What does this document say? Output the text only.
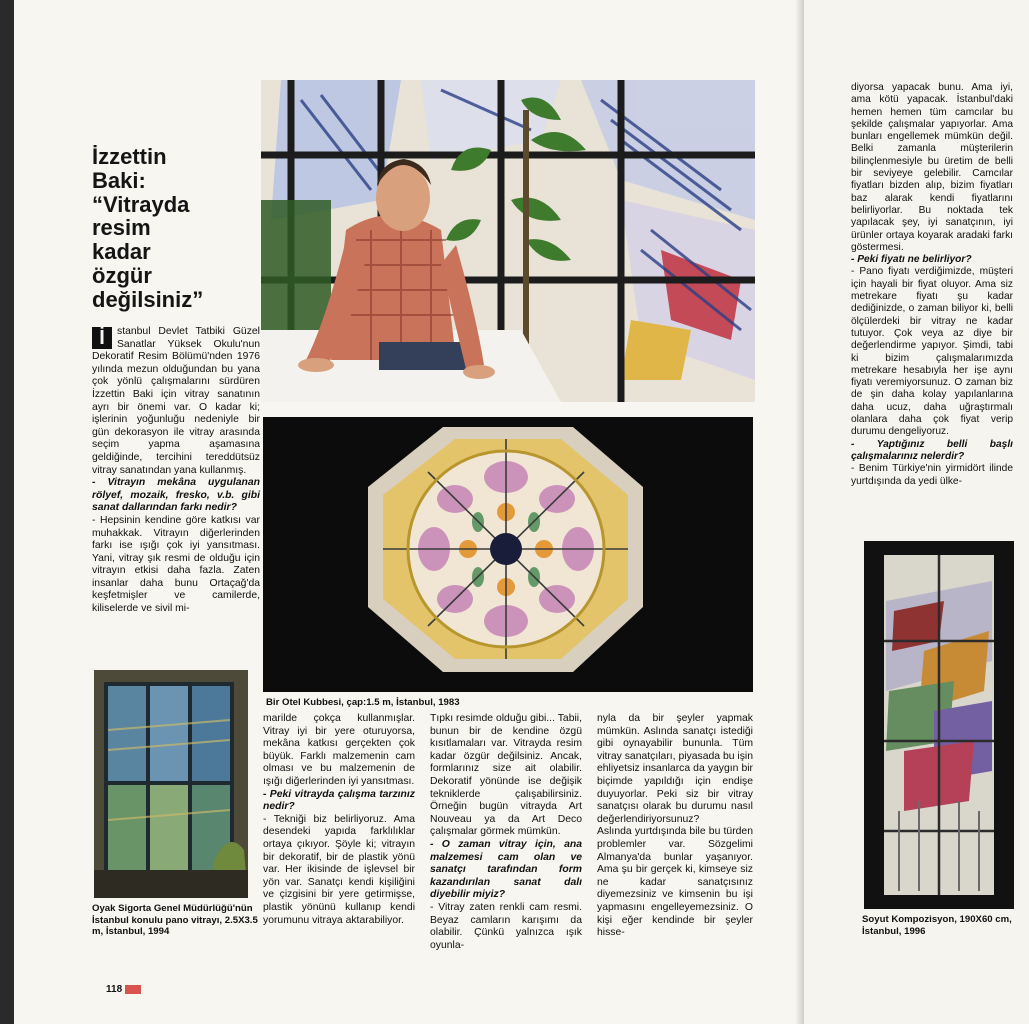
İzzettin
Baki:
“Vitrayda
resim
kadar
özgür
değilsiniz”

İ	stanbul Devlet Tatbiki Güzel Sanatlar Yüksek Okulu'nun Dekoratif Resim Bölümü'nden 1976 yılında mezun olduğundan bu yana çok yönlü çalışmalarını sürdüren İzzettin Baki için vitray sanatının ayrı bir önemi var. O kadar ki; işlerinin yoğunluğu nedeniyle bir gün dekorasyon ile vitray arasında seçim yapma aşamasına geldiğinde, tercihini tereddütsüz vitray sanatından yana kullanmış.

- Vitrayın mekâna uygulanan rölyef, mozaik, fresko, v.b. gibi sanat dallarından farkı nedir?

- Hepsinin kendine göre katkısı var muhakkak. Vitrayın diğerlerinden farkı ise ışığı çok iyi yansıtması. Yani, vitray şık resmi de olduğu için vitrayın etkisi daha fazla. Zaten insanlar daha bunu Ortaçağ'da keşfetmişler ve camilerde, kiliselerde ve sivil mi-

Bir Otel Kubbesi, çap:1.5 m, İstanbul, 1983
Oyak Sigorta Genel Müdürlüğü'nün İstanbul konulu pano vitrayı, 2.5X3.5 m, İstanbul, 1994

marilde çokça kullanmışlar. Vitray iyi bir yere oturuyorsa, mekâna katkısı gerçekten çok büyük. Farklı malzemenin cam olması ve bu malzemenin de ışığı diğerlerinden iyi yansıtması.

- Peki vitrayda çalışma tarzınız nedir?

- Tekniği biz belirliyoruz. Ama desendeki yapıda farklılıklar ortaya çıkıyor. Şöyle ki; vitrayın bir dekoratif, bir de plastik yönü var. Her ikisinde de işlevsel bir yön var. Sanatçı kendi kişiliğini ve çizgisini bir yere getirmişse, plastik yönünü kullanıp kendi yorumunu vitraya aktarabiliyor.

Tıpkı resimde olduğu gibi... Tabii, bunun bir de kendine özgü kısıtlamaları var. Vitrayda resim kadar özgür değilsiniz. Ancak, formlarınız size ait olabilir. Dekoratif yönünde ise değişik tekniklerde çalışabilirsiniz. Örneğin bugün vitrayda Art Nouveau ya da Art Deco çalışmalar görmek mümkün.

- O zaman vitray için, ana malzemesi cam olan ve sanatçı tarafından form kazandırılan sanat dalı diyebilir miyiz?

- Vitray zaten renkli cam resmi. Beyaz camların karışımı da olabilir. Çünkü yalnızca ışık oyunla-

nyla da bir şeyler yapmak mümkün. Aslında sanatçı istediği gibi oynayabilir bununla. Tüm vitray sanatçıları, piyasada bu işin ehliyetsiz insanlarca da yaygın bir biçimde yapıldığı için endişe duyuyorlar. Peki siz bir vitray sanatçısı olarak bu durumu nasıl değerlendiriyorsunuz?

Aslında yurtdışında bile bu türden problemler var. Sözgelimi Almanya'da bunlar yaşanıyor. Ama şu bir gerçek ki, kimseye siz ne kadar sanatçısınız diyemezsiniz ve kimsenin bu işi yapmasını engelleyemezsiniz. O kişi eğer kendinde bir şeyler hisse-

118

diyorsa yapacak bunu. Ama iyi, ama kötü yapacak. İstanbul'daki hemen hemen tüm camcılar bu şekilde çalışmalar yapıyorlar. Ama bunları engellemek mümkün değil. Belki zamanla müşterilerin bilinçlenmesiyle bu üretim de belli bir seviyeye gelebilir. Camcılar fiyatları bizden alıp, bizim fiyatları baz alarak kendi fiyatlarını belirliyorlar. Bu noktada tek yapılacak şey, iyi sanatçının, iyi ürünler ortaya koyarak aradaki farkı göstermesi.

- Peki fiyatı ne belirliyor?

- Pano fiyatı verdiğimizde, müşteri için hayali bir fiyat oluyor. Ama siz metrekare fiyatı şu kadar dediğinizde, o zaman biliyor ki, belli ölçülerdeki bir vitray ne kadar tutuyor. Çok veya az diye bir değerlendirme yapıyor. Şimdi, tabi ki bizim çalışmalarımızda metrekare hesabıyla her işe aynı fiyatı veremiyorsunuz. O zaman biz de şin daha kolay yapılanlarına daha ucuz, daha uğraştırmalı olanlara daha çok fiyat verip durumu dengeliyoruz.

- Yaptığınız belli başlı çalışmalarınız nelerdir?

- Benim Türkiye'nin yirmidört ilinde yurtdışında da yedi ülke-

Soyut Kompozisyon, 190X60 cm, İstanbul, 1996
